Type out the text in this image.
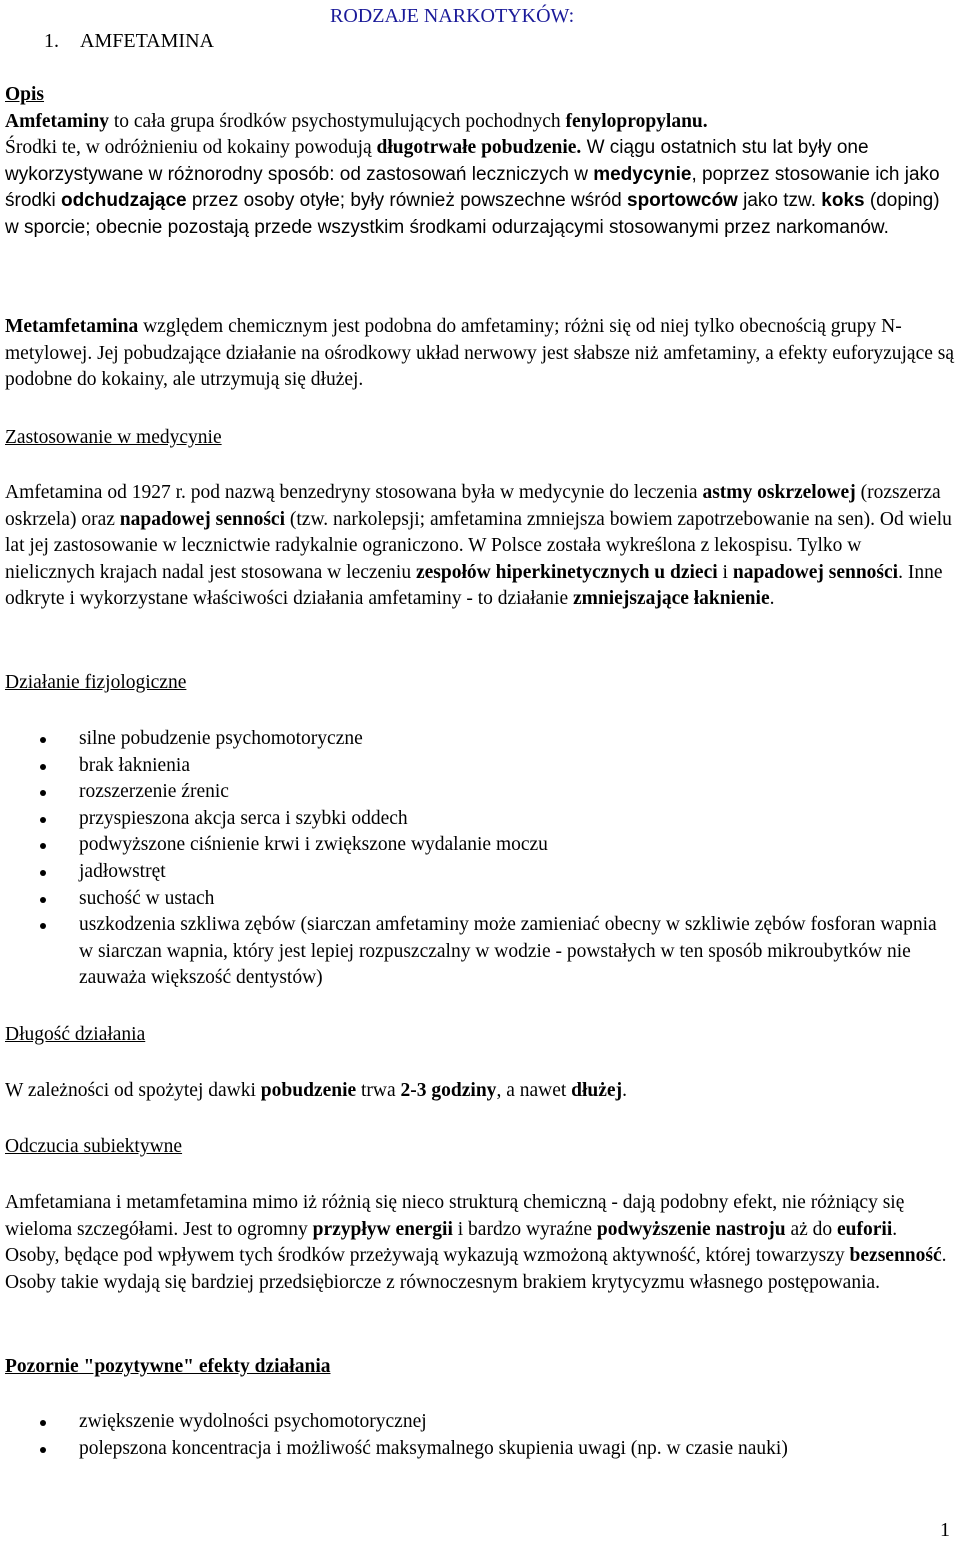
RODZAJE NARKOTYKÓW:
1. AMFETAMINA

Opis

Amfetaminy to cała grupa środków psychostymulujących pochodnych fenylopropylanu.
Środki te, w odróżnieniu od kokainy powodują długotrwałe pobudzenie. W ciągu ostatnich stu lat były one wykorzystywane w różnorodny sposób: od zastosowań leczniczych w medycynie, poprzez stosowanie ich jako środki odchudzające przez osoby otyłe; były również powszechne wśród sportowców jako tzw. koks (doping) w sporcie; obecnie pozostają przede wszystkim środkami odurzającymi stosowanymi przez narkomanów.

Metamfetamina względem chemicznym jest podobna do amfetaminy; różni się od niej tylko obecnością grupy N-metylowej. Jej pobudzające działanie na ośrodkowy układ nerwowy jest słabsze niż amfetaminy, a efekty euforyzujące są podobne do kokainy, ale utrzymują się dłużej.

Zastosowanie w medycynie

Amfetamina od 1927 r. pod nazwą benzedryny stosowana była w medycynie do leczenia astmy oskrzelowej (rozszerza oskrzela) oraz napadowej senności (tzw. narkolepsji; amfetamina zmniejsza bowiem zapotrzebowanie na sen). Od wielu lat jej zastosowanie w lecznictwie radykalnie ograniczono. W Polsce została wykreślona z lekospisu. Tylko w nielicznych krajach nadal jest stosowana w leczeniu zespołów hiperkinetycznych u dzieci i napadowej senności. Inne odkryte i wykorzystane właściwości działania amfetaminy - to działanie zmniejszające łaknienie.

Działanie fizjologiczne

silne pobudzenie psychomotoryczne
brak łaknienia
rozszerzenie źrenic
przyspieszona akcja serca i szybki oddech
podwyższone ciśnienie krwi i zwiększone wydalanie moczu
jadłowstręt
suchość w ustach
uszkodzenia szkliwa zębów (siarczan amfetaminy może zamieniać obecny w szkliwie zębów fosforan wapnia w siarczan wapnia, który jest lepiej rozpuszczalny w wodzie - powstałych w ten sposób mikroubytków nie zauważa większość dentystów)

Długość działania

W zależności od spożytej dawki pobudzenie trwa 2-3 godziny, a nawet dłużej.

Odczucia subiektywne

Amfetamiana i metamfetamina mimo iż różnią się nieco strukturą chemiczną - dają podobny efekt, nie różniący się wieloma szczegółami. Jest to ogromny przypływ energii i bardzo wyraźne podwyższenie nastroju aż do euforii. Osoby, będące pod wpływem tych środków przeżywają wykazują wzmożoną aktywność, której towarzyszy bezsenność. Osoby takie wydają się bardziej przedsiębiorcze z równoczesnym brakiem krytycyzmu własnego postępowania.

Pozornie "pozytywne" efekty działania

zwiększenie wydolności psychomotorycznej
polepszona koncentracja i możliwość maksymalnego skupienia uwagi (np. w czasie nauki)
1
